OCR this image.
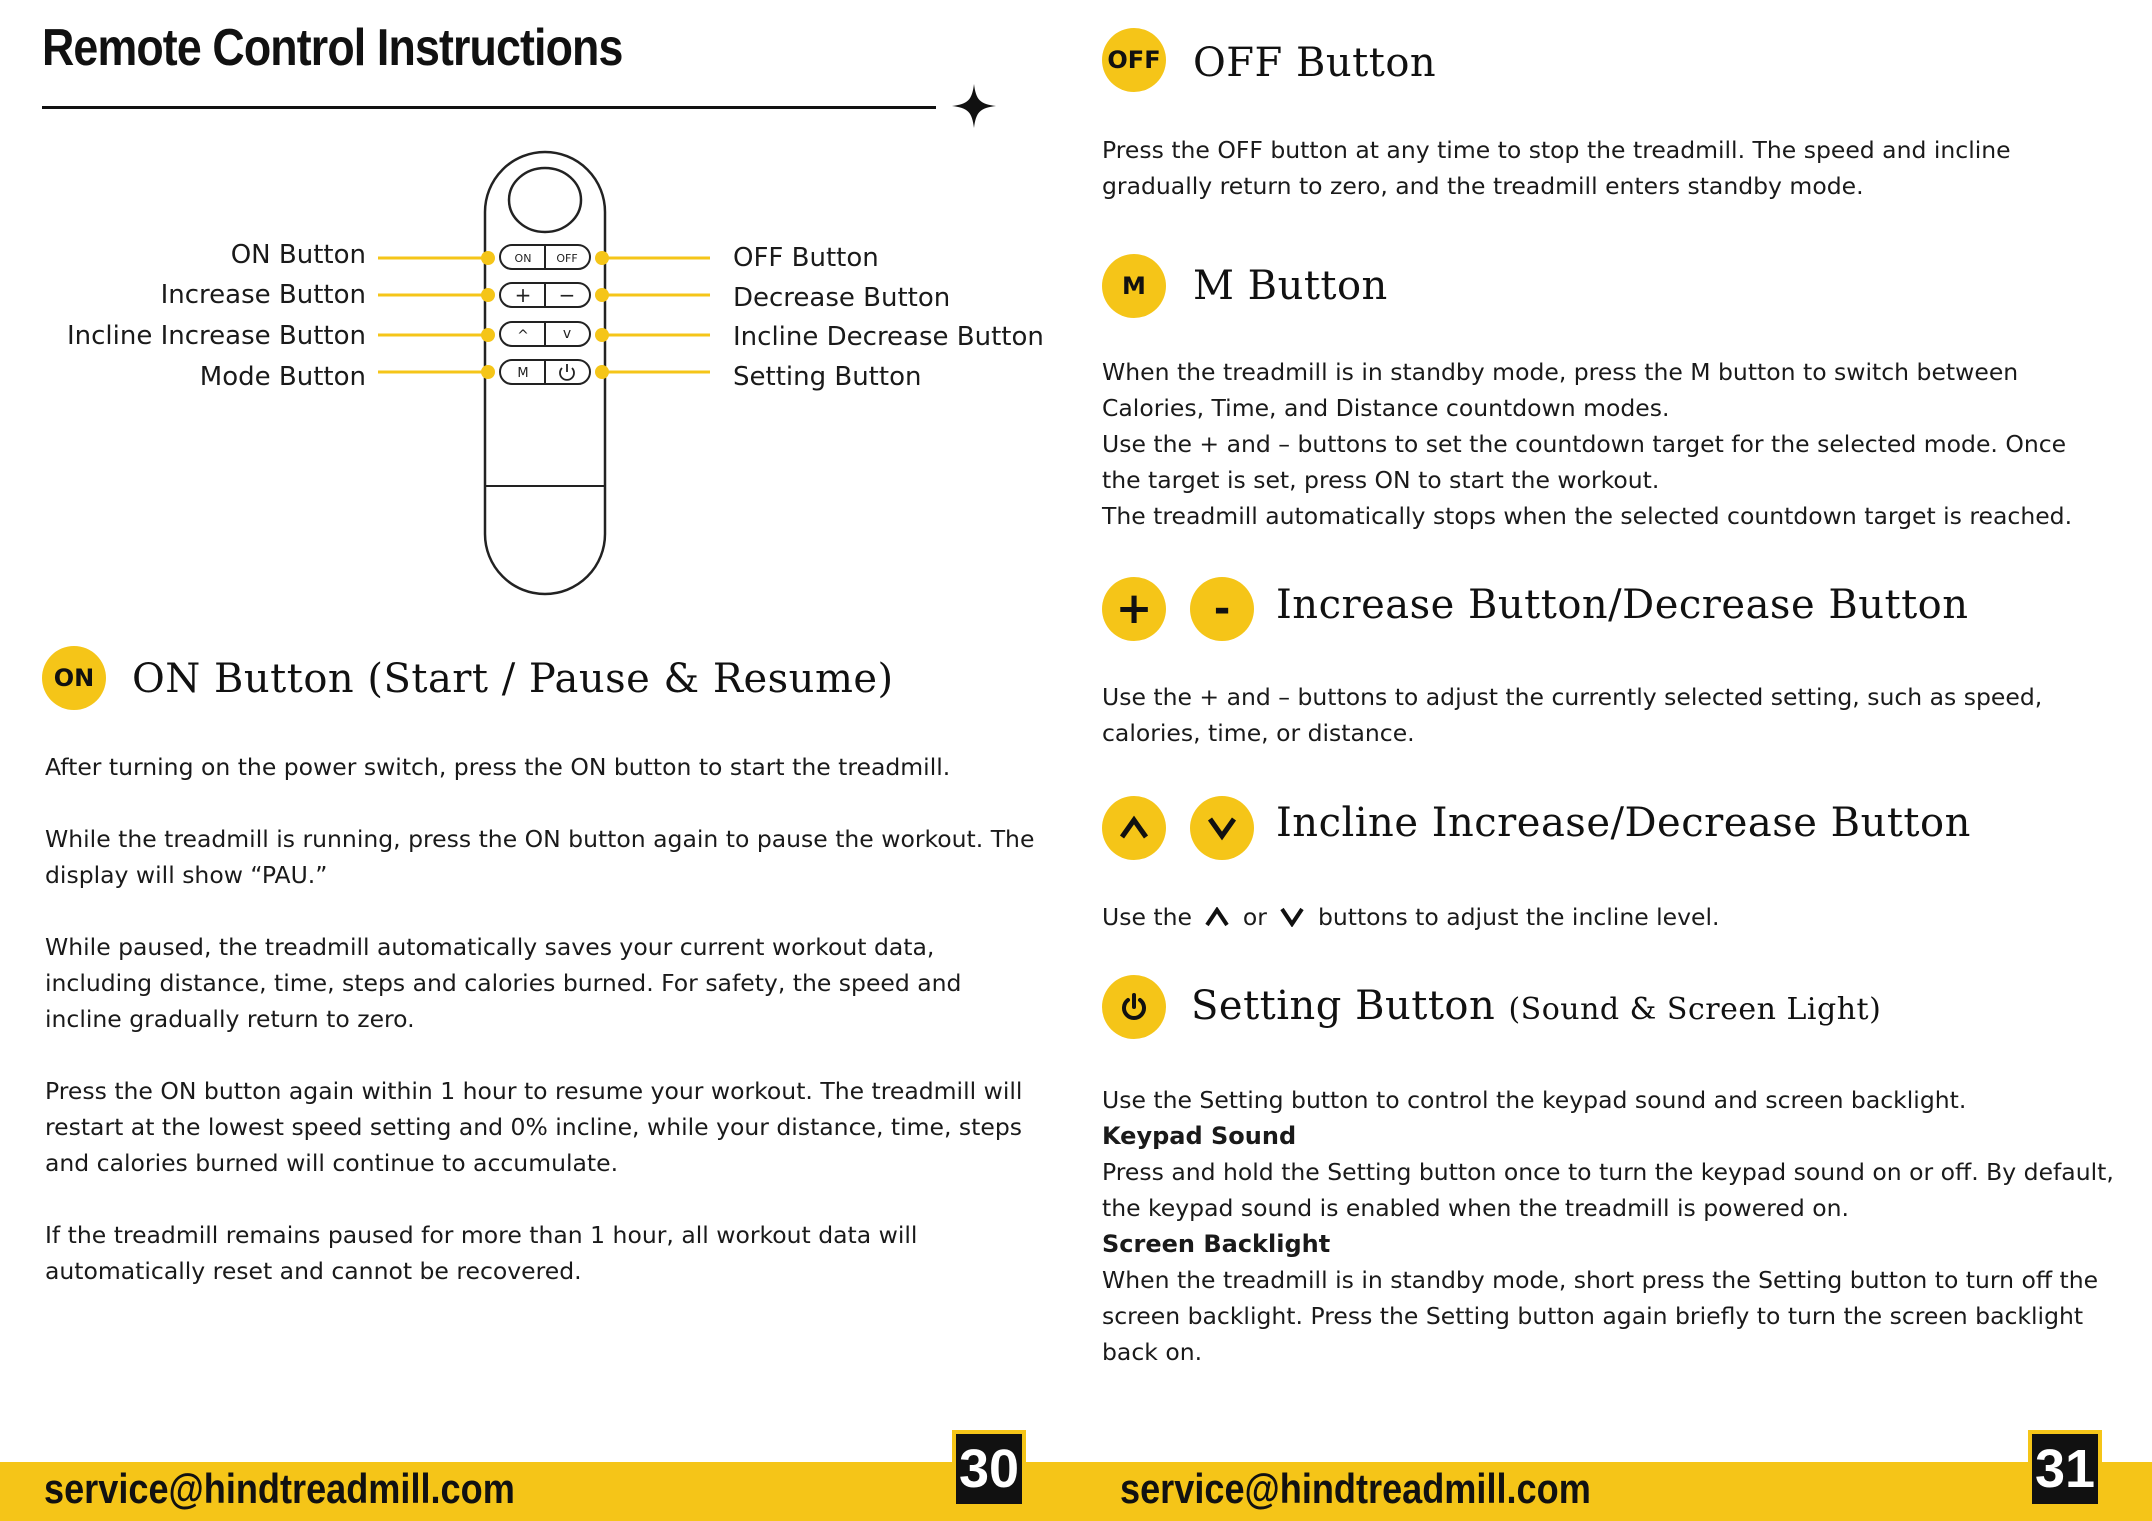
Remote Control Instructions
ON OFF
+ −
^ v
M
ON Button
Increase Button
Incline Increase Button
Mode Button
OFF Button
Decrease Button
Incline Decrease Button
Setting Button
ON ON Button (Start / Pause & Resume)

After turning on the power switch, press the ON button to start the treadmill.

While the treadmill is running, press the ON button again to pause the workout. The display will show “PAU.”

While paused, the treadmill automatically saves your current workout data, including distance, time, steps and calories burned. For safety, the speed and incline gradually return to zero.

Press the ON button again within 1 hour to resume your workout. The treadmill will restart at the lowest speed setting and 0% incline, while your distance, time, steps and calories burned will continue to accumulate.

If the treadmill remains paused for more than 1 hour, all workout data will automatically reset and cannot be recovered.

OFF OFF Button
Press the OFF button at any time to stop the treadmill. The speed and incline gradually return to zero, and the treadmill enters standby mode.
M M Button

When the treadmill is in standby mode, press the M button to switch between Calories, Time, and Distance countdown modes.

Use the + and – buttons to set the countdown target for the selected mode. Once the target is set, press ON to start the workout.

The treadmill automatically stops when the selected countdown target is reached.

+ - Increase Button/Decrease Button
Use the + and – buttons to adjust the currently selected setting, such as speed, calories, time, or distance.
Incline Increase/Decrease Button
Use the or buttons to adjust the incline level.
Setting Button (Sound & Screen Light)

Use the Setting button to control the keypad sound and screen backlight.

Keypad Sound

Press and hold the Setting button once to turn the keypad sound on or off. By default, the keypad sound is enabled when the treadmill is powered on.

Screen Backlight

When the treadmill is in standby mode, short press the Setting button to turn off the screen backlight. Press the Setting button again briefly to turn the screen backlight back on.

service@hindtreadmill.com	30 service@hindtreadmill.com	31
